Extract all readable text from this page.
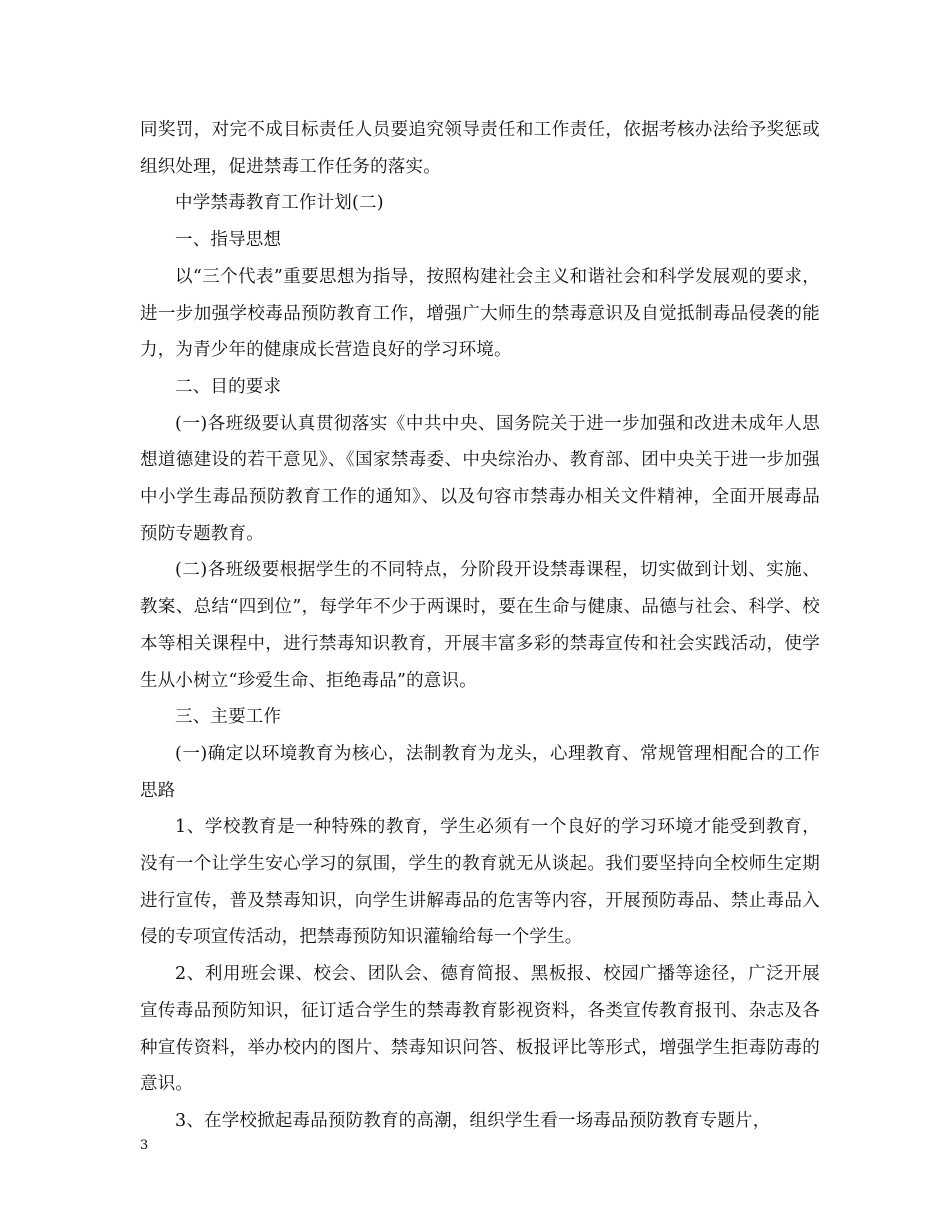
同奖罚，对完不成目标责任人员要追究领导责任和工作责任，依据考核办法给予奖惩或组织处理，促进禁毒工作任务的落实。

中学禁毒教育工作计划(二)

一、指导思想

以“三个代表”重要思想为指导，按照构建社会主义和谐社会和科学发展观的要求，进一步加强学校毒品预防教育工作，增强广大师生的禁毒意识及自觉抵制毒品侵袭的能力，为青少年的健康成长营造良好的学习环境。

二、目的要求

(一)各班级要认真贯彻落实《中共中央、国务院关于进一步加强和改进未成年人思想道德建设的若干意见》、《国家禁毒委、中央综治办、教育部、团中央关于进一步加强中小学生毒品预防教育工作的通知》、以及句容市禁毒办相关文件精神，全面开展毒品预防专题教育。

(二)各班级要根据学生的不同特点，分阶段开设禁毒课程，切实做到计划、实施、教案、总结“四到位”，每学年不少于两课时，要在生命与健康、品德与社会、科学、校本等相关课程中，进行禁毒知识教育，开展丰富多彩的禁毒宣传和社会实践活动，使学生从小树立“珍爱生命、拒绝毒品”的意识。

三、主要工作

(一)确定以环境教育为核心，法制教育为龙头，心理教育、常规管理相配合的工作思路

1、学校教育是一种特殊的教育，学生必须有一个良好的学习环境才能受到教育，没有一个让学生安心学习的氛围，学生的教育就无从谈起。我们要坚持向全校师生定期进行宣传，普及禁毒知识，向学生讲解毒品的危害等内容，开展预防毒品、禁止毒品入侵的专项宣传活动，把禁毒预防知识灌输给每一个学生。

2、利用班会课、校会、团队会、德育简报、黑板报、校园广播等途径，广泛开展宣传毒品预防知识，征订适合学生的禁毒教育影视资料，各类宣传教育报刊、杂志及各种宣传资料，举办校内的图片、禁毒知识问答、板报评比等形式，增强学生拒毒防毒的意识。

3、在学校掀起毒品预防教育的高潮，组织学生看一场毒品预防教育专题片，

3
